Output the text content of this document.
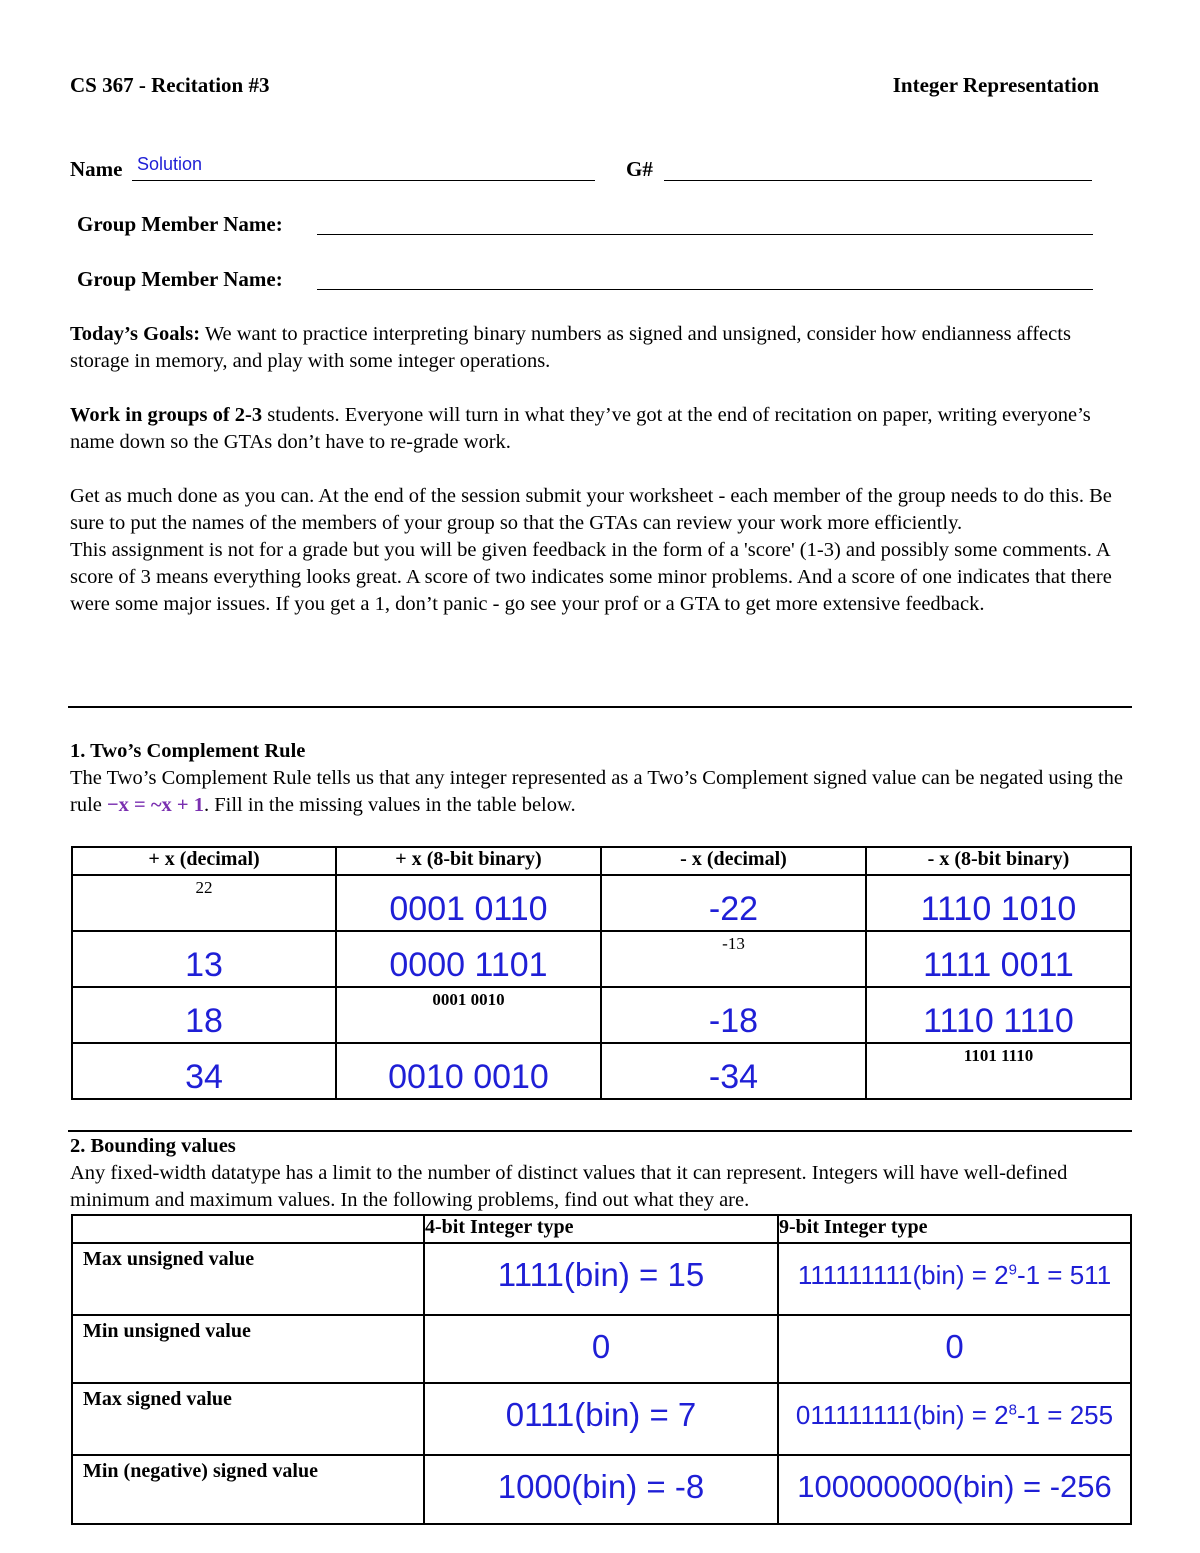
CS 367 - Recitation #3	Integer Representation
Name Solution	G#
Group Member Name:
Group Member Name:

Today’s Goals: We want to practice interpreting binary numbers as signed and unsigned, consider how endianness affects storage in memory, and play with some integer operations.

Work in groups of 2-3 students. Everyone will turn in what they’ve got at the end of recitation on paper, writing everyone’s name down so the GTAs don’t have to re-grade work.

Get as much done as you can. At the end of the session submit your worksheet - each member of the group needs to do this. Be sure to put the names of the members of your group so that the GTAs can review your work more efficiently.

This assignment is not for a grade but you will be given feedback in the form of a 'score' (1-3) and possibly some comments. A score of 3 means everything looks great. A score of two indicates some minor problems. And a score of one indicates that there were some major issues. If you get a 1, don’t panic - go see your prof or a GTA to get more extensive feedback.

1. Two’s Complement Rule

The Two’s Complement Rule tells us that any integer represented as a Two’s Complement signed value can be negated using the rule −x = ~x + 1. Fill in the missing values in the table below.

+ x (decimal)	+ x (8-bit binary)	- x (decimal)	- x (8-bit binary)

22	0001 0110	-22	1110 1010

13	0000 1101	-13	1111 0011

18	0001 0010	-18	1110 1110

34	0010 0010	-34	1101 1110

2. Bounding values

Any fixed-width datatype has a limit to the number of distinct values that it can represent. Integers will have well-defined minimum and maximum values. In the following problems, find out what they are.

	4-bit Integer type	9-bit Integer type
Max unsigned value	1111(bin) = 15	$111111111(bin) = 2^9-1 = 511$
Min unsigned value	0	0
Max signed value	0111(bin) = 7	$011111111(bin) = 2^8-1 = 255$
Min (negative) signed value	1000(bin) = -8	100000000(bin) = -256
